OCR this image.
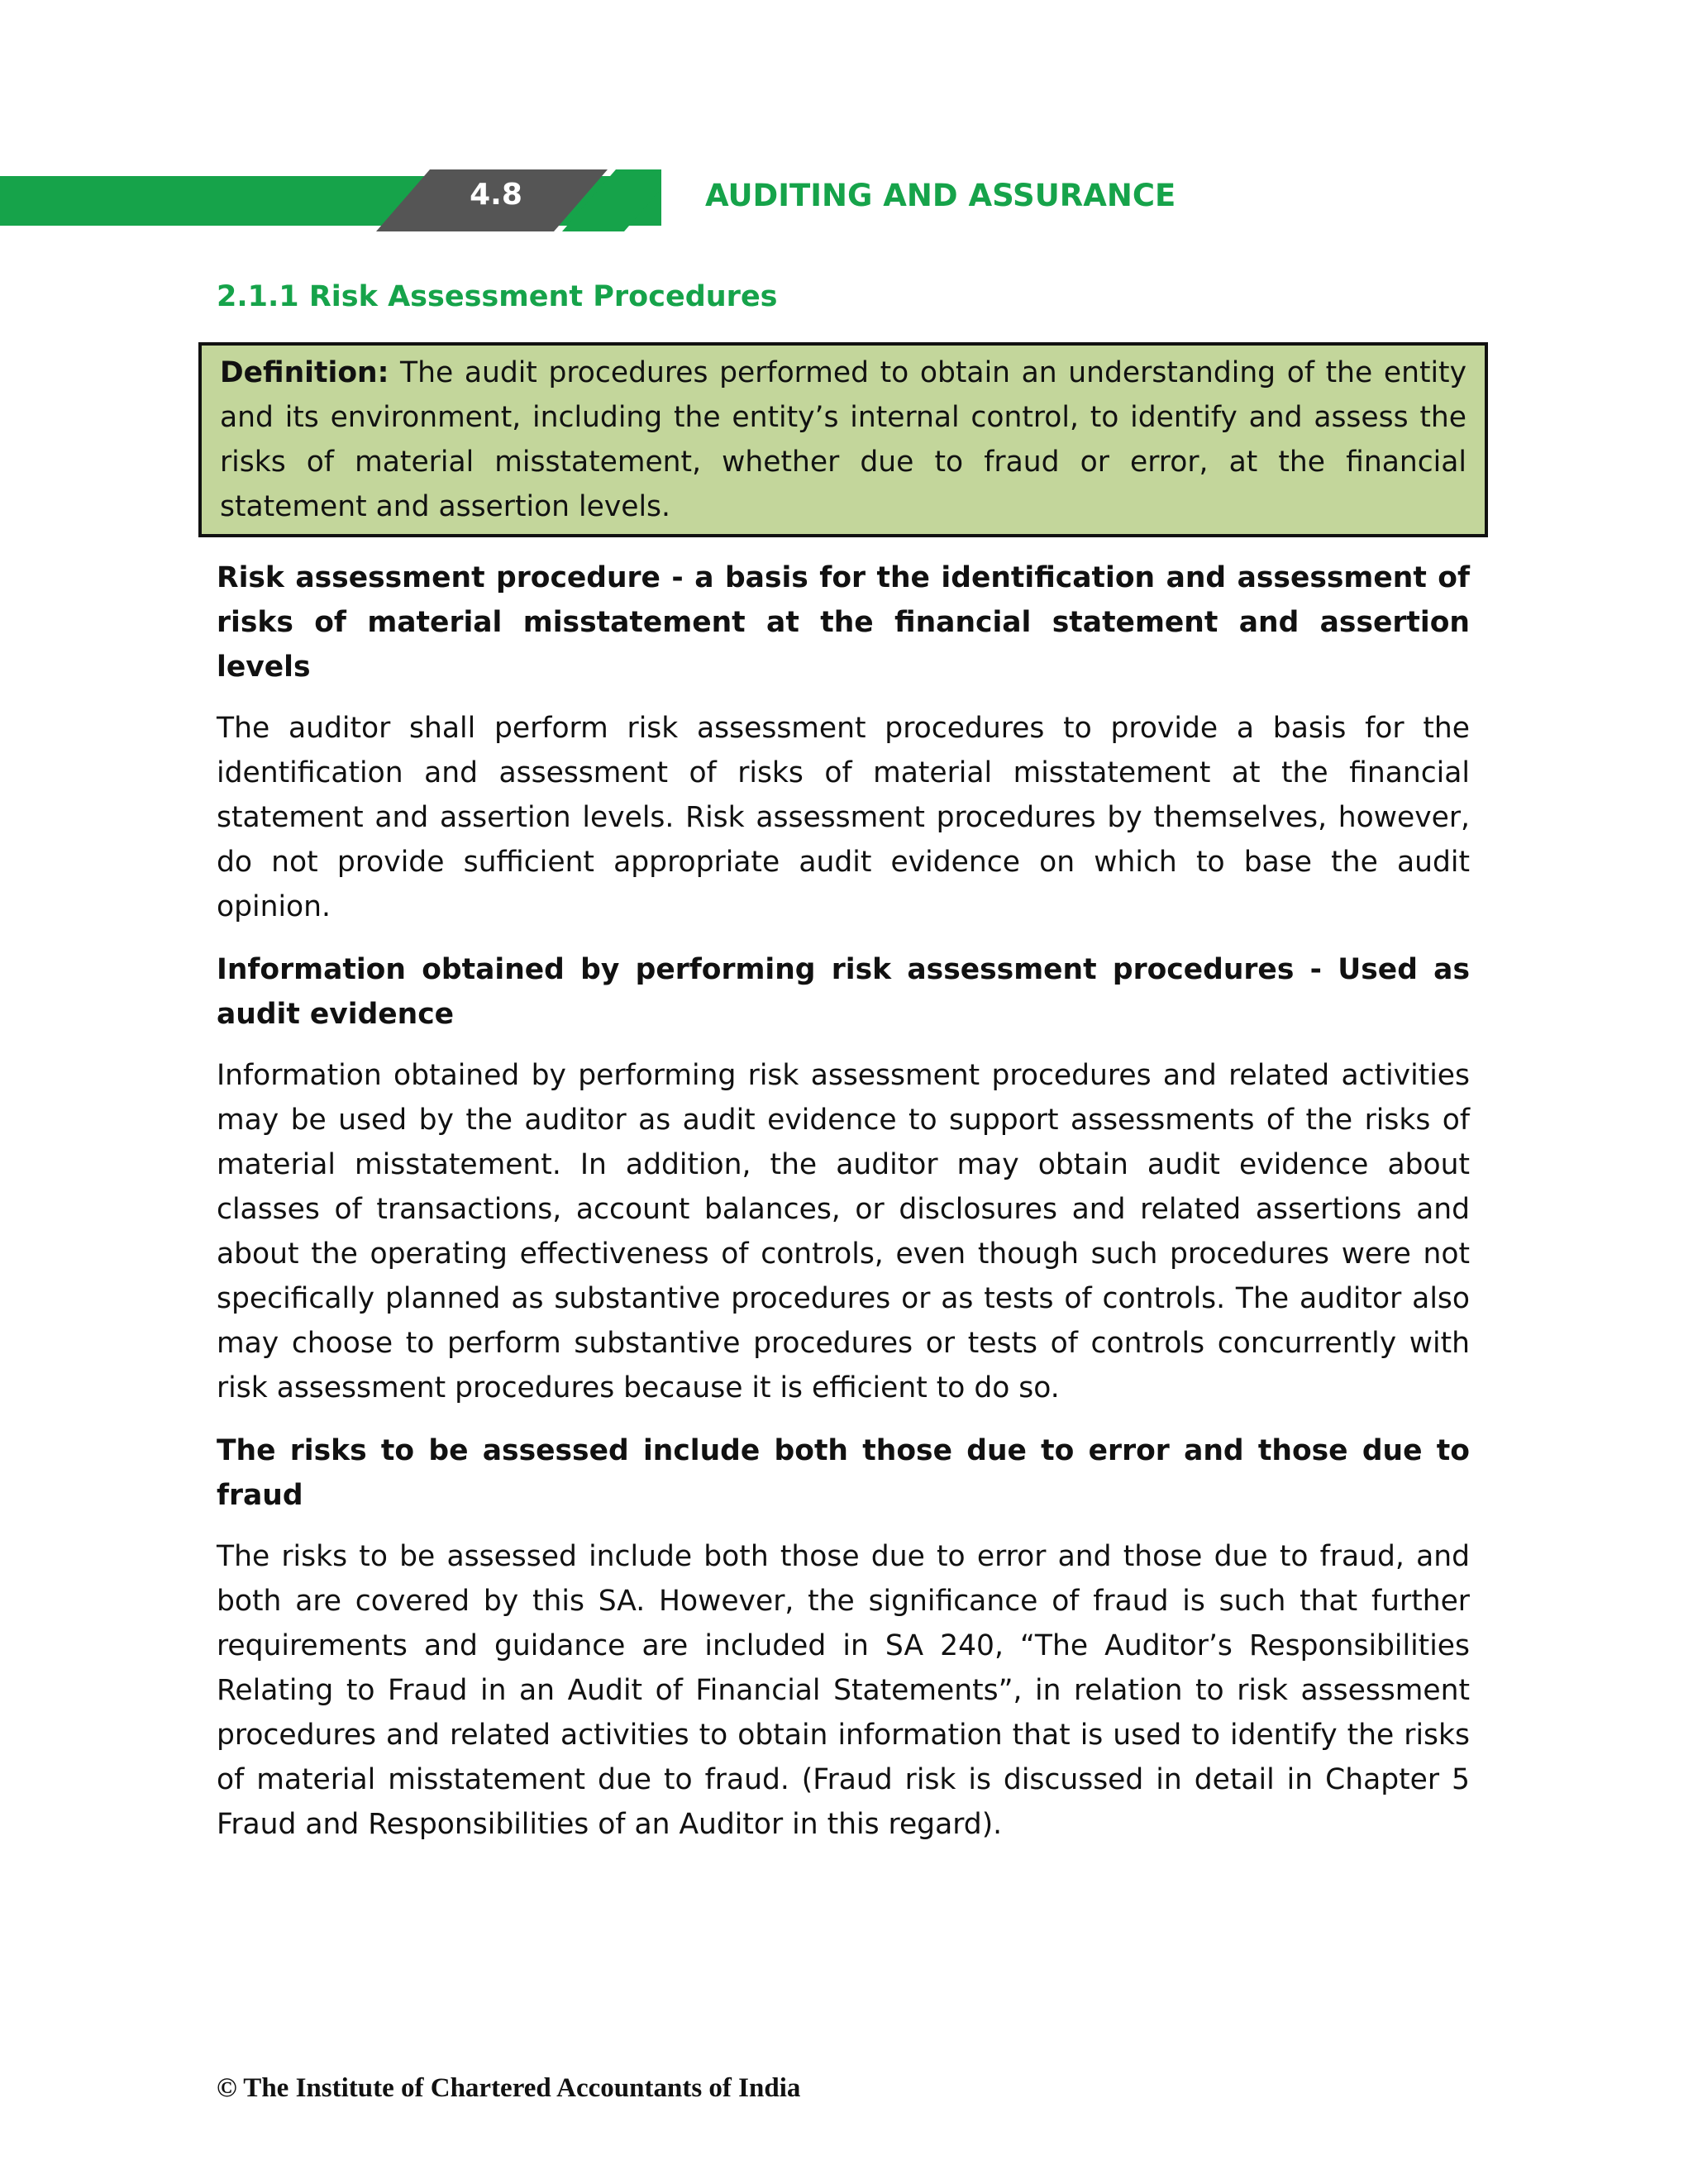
4.8	AUDITING AND ASSURANCE
2.1.1 Risk Assessment Procedures
Definition: The audit procedures performed to obtain an understanding of the entity and its environment, including the entity’s internal control, to identify and assess the risks of material misstatement, whether due to fraud or error, at the financial statement and assertion levels.
Risk assessment procedure - a basis for the identification and assessment of risks of material misstatement at the financial statement and assertion levels

The auditor shall perform risk assessment procedures to provide a basis for the identification and assessment of risks of material misstatement at the financial statement and assertion levels. Risk assessment procedures by themselves, however, do not provide sufficient appropriate audit evidence on which to base the audit opinion.

Information obtained by performing risk assessment procedures - Used as audit evidence

Information obtained by performing risk assessment procedures and related activities may be used by the auditor as audit evidence to support assessments of the risks of material misstatement. In addition, the auditor may obtain audit evidence about classes of transactions, account balances, or disclosures and related assertions and about the operating effectiveness of controls, even though such procedures were not specifically planned as substantive procedures or as tests of controls. The auditor also may choose to perform substantive procedures or tests of controls concurrently with risk assessment procedures because it is efficient to do so.

The risks to be assessed include both those due to error and those due to fraud

The risks to be assessed include both those due to error and those due to fraud, and both are covered by this SA. However, the significance of fraud is such that further requirements and guidance are included in SA 240, “The Auditor’s Responsibilities Relating to Fraud in an Audit of Financial Statements”, in relation to risk assessment procedures and related activities to obtain information that is used to identify the risks of material misstatement due to fraud. (Fraud risk is discussed in detail in Chapter 5 Fraud and Responsibilities of an Auditor in this regard).

© The Institute of Chartered Accountants of India
